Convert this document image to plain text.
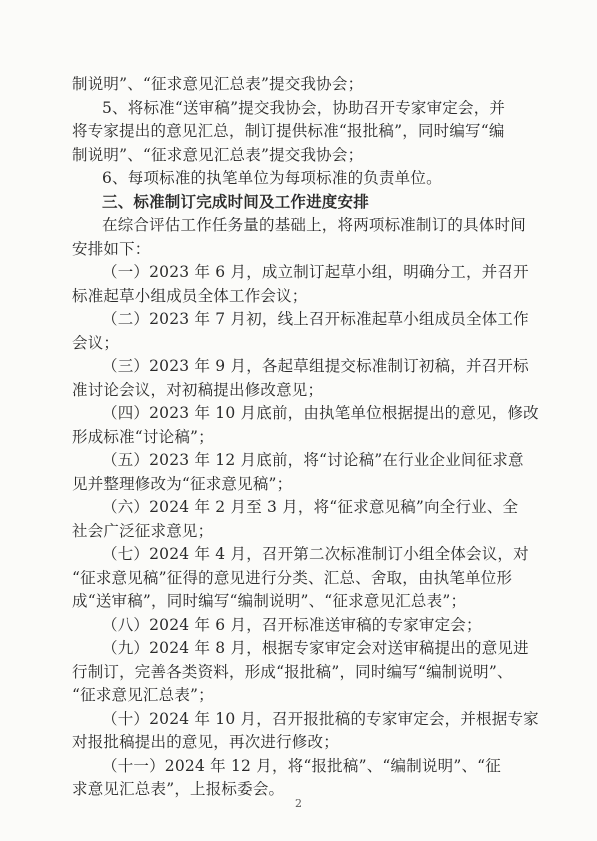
制说明”、“征求意见汇总表”提交我协会；
5、将标准“送审稿”提交我协会，协助召开专家审定会，并
将专家提出的意见汇总，制订提供标准“报批稿”，同时编写“编
制说明”、“征求意见汇总表”提交我协会；
6、每项标准的执笔单位为每项标准的负责单位。
三、标准制订完成时间及工作进度安排
在综合评估工作任务量的基础上，将两项标准制订的具体时间
安排如下：
（一）2023 年 6 月，成立制订起草小组，明确分工，并召开
标准起草小组成员全体工作会议；
（二）2023 年 7 月初，线上召开标准起草小组成员全体工作
会议；
（三）2023 年 9 月，各起草组提交标准制订初稿，并召开标
准讨论会议，对初稿提出修改意见；
（四）2023 年 10 月底前，由执笔单位根据提出的意见，修改
形成标准“讨论稿”；
（五）2023 年 12 月底前，将“讨论稿”在行业企业间征求意
见并整理修改为“征求意见稿”；
（六）2024 年 2 月至 3 月，将“征求意见稿”向全行业、全
社会广泛征求意见；
（七）2024 年 4 月，召开第二次标准制订小组全体会议，对
“征求意见稿”征得的意见进行分类、汇总、舍取，由执笔单位形
成“送审稿”，同时编写“编制说明”、“征求意见汇总表”；
（八）2024 年 6 月，召开标准送审稿的专家审定会；
（九）2024 年 8 月，根据专家审定会对送审稿提出的意见进
行制订，完善各类资料，形成“报批稿”，同时编写“编制说明”、
“征求意见汇总表”；
（十）2024 年 10 月，召开报批稿的专家审定会，并根据专家
对报批稿提出的意见，再次进行修改；
（十一）2024 年 12 月，将“报批稿”、“编制说明”、“征
求意见汇总表”，上报标委会。
2
